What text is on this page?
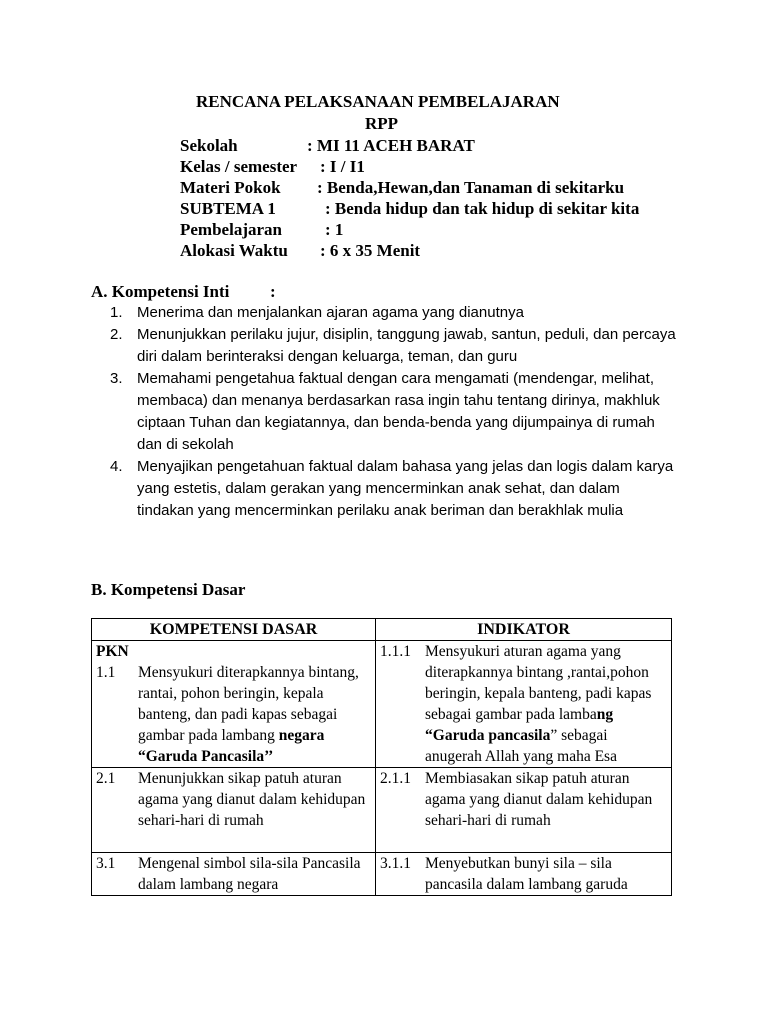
RENCANA PELAKSANAAN PEMBELAJARAN
RPP
Sekolah	: MI 11 ACEH BARAT
Kelas / semester : I / I1
Materi Pokok : Benda,Hewan,dan Tanaman di sekitarku
SUBTEMA 1	: Benda hidup dan tak hidup di sekitar kita
Pembelajaran	: 1
Alokasi Waktu : 6 x 35 Menit
A. Kompetensi Inti :
1. Menerima dan menjalankan ajaran agama yang dianutnya
2. Menunjukkan perilaku jujur, disiplin, tanggung jawab, santun, peduli, dan percaya diri dalam berinteraksi dengan keluarga, teman, dan guru
3. Memahami pengetahua faktual dengan cara mengamati (mendengar, melihat, membaca) dan menanya berdasarkan rasa ingin tahu tentang dirinya, makhluk ciptaan Tuhan dan kegiatannya, dan benda-benda yang dijumpainya di rumah dan di sekolah
4. Menyajikan pengetahuan faktual dalam bahasa yang jelas dan logis dalam karya yang estetis, dalam gerakan yang mencerminkan anak sehat, dan dalam tindakan yang mencerminkan perilaku anak beriman dan berakhlak mulia
B. Kompetensi Dasar
KOMPETENSI DASAR	INDIKATOR

PKN
1.1 Mensyukuri diterapkannya bintang, rantai, pohon beringin, kepala banteng, dan padi kapas sebagai gambar pada lambang negara “Garuda Pancasila’’	1.1.1 Mensyukuri aturan agama yang diterapkannya bintang ,rantai,pohon beringin, kepala banteng, padi kapas sebagai gambar pada lambang “Garuda pancasila” sebagai anugerah Allah yang maha Esa

2.1 Menunjukkan sikap patuh aturan agama yang dianut dalam kehidupan sehari-hari di rumah	2.1.1 Membiasakan sikap patuh aturan agama yang dianut dalam kehidupan sehari-hari di rumah

3.1 Mengenal simbol sila-sila Pancasila dalam lambang negara	3.1.1 Menyebutkan bunyi sila – sila pancasila dalam lambang garuda
